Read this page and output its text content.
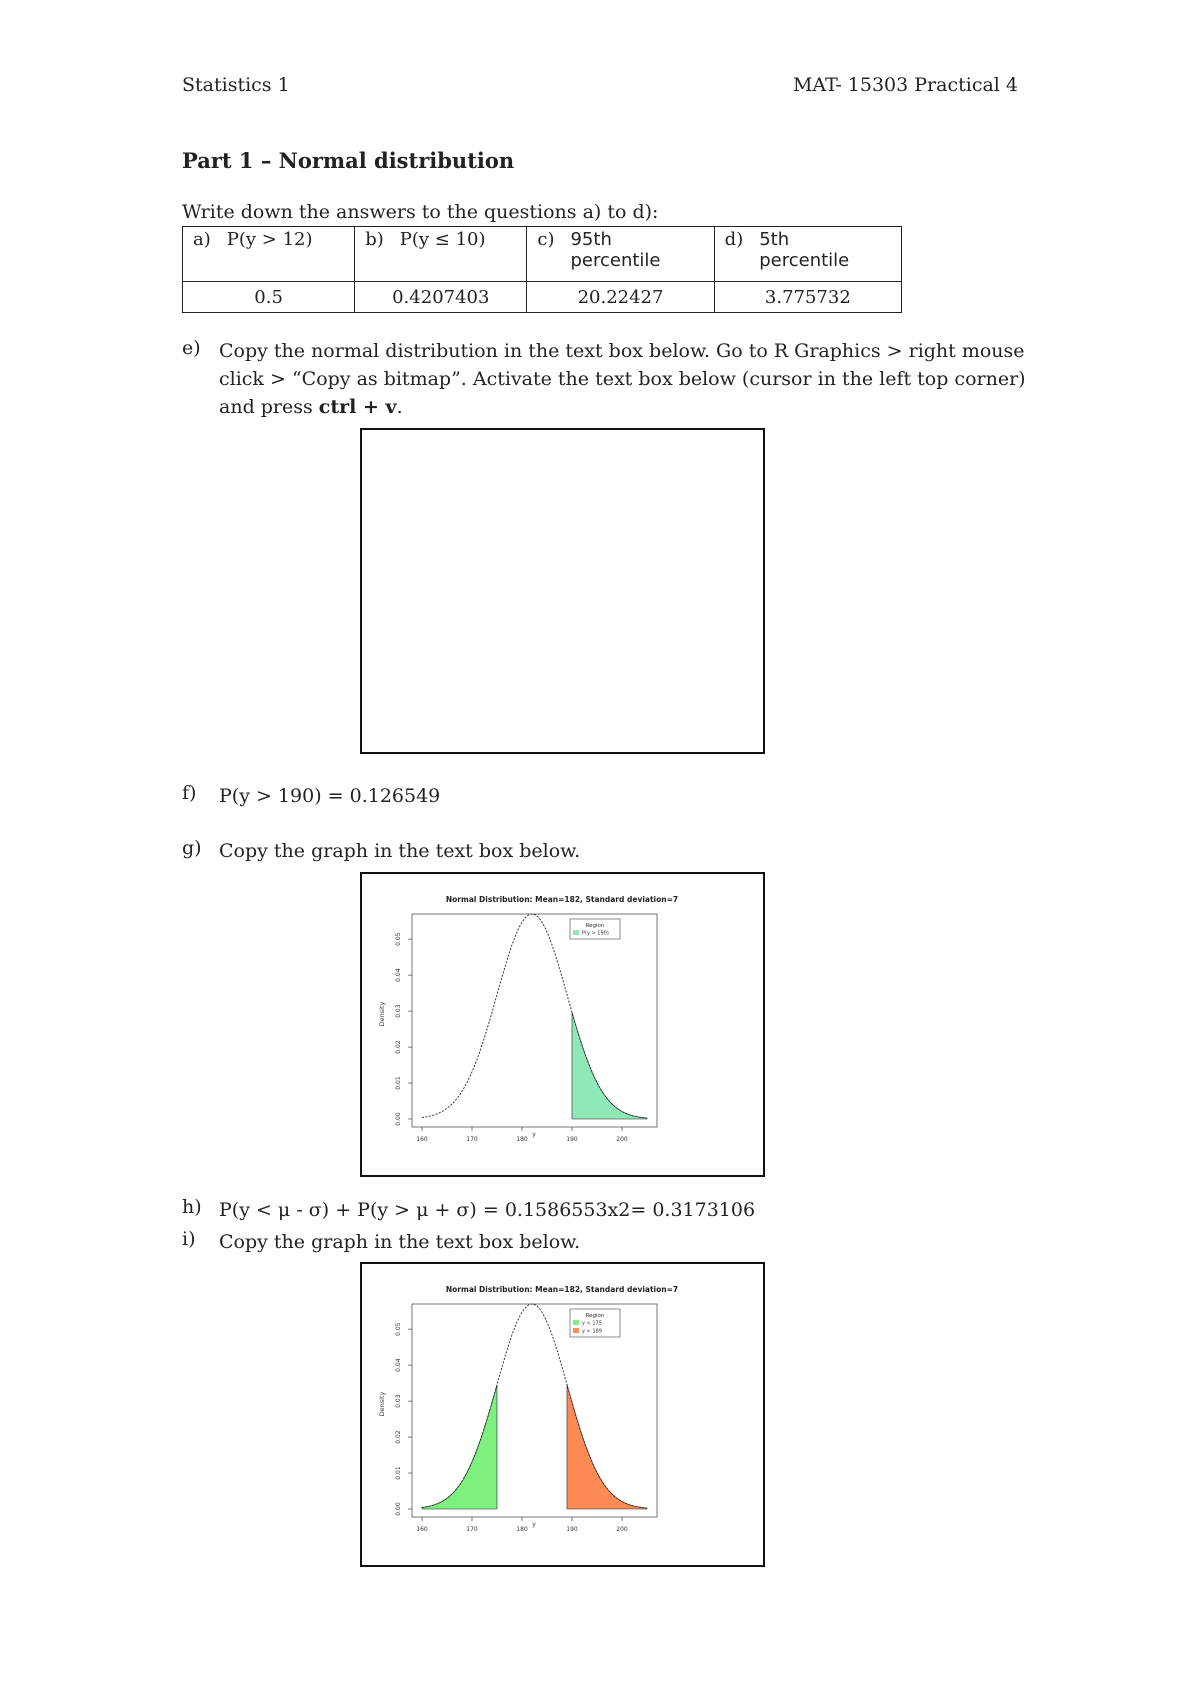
Statistics 1	MAT- 15303 Practical 4
Part 1 – Normal distribution
Write down the answers to the questions a) to d):
a) P(y > 12)	b) P(y ≤ 10)	c) 95th percentile	d) 5th percentile

0.5	0.4207403	20.22427	3.775732
e) Copy the normal distribution in the text box below. Go to R Graphics > right mouse click > “Copy as bitmap”. Activate the text box below (cursor in the left top corner) and press ctrl + v.
f)	P(y > 190) = 0.126549
g) Copy the graph in the text box below.
Normal Distribution: Mean=182, Standard deviation=7
160	170	180	190	200
y
0.00
0.01
0.02
0.03
0.04
0.05
Density
Region
P(y > 190)
h) P(y < μ - σ) + P(y > μ + σ) = 0.1586553x2= 0.3173106
i)	Copy the graph in the text box below.
Normal Distribution: Mean=182, Standard deviation=7
160	170	180	190	200
y
0.00
0.01
0.02
0.03
0.04
0.05
Density
Region
y < 175
y > 189
